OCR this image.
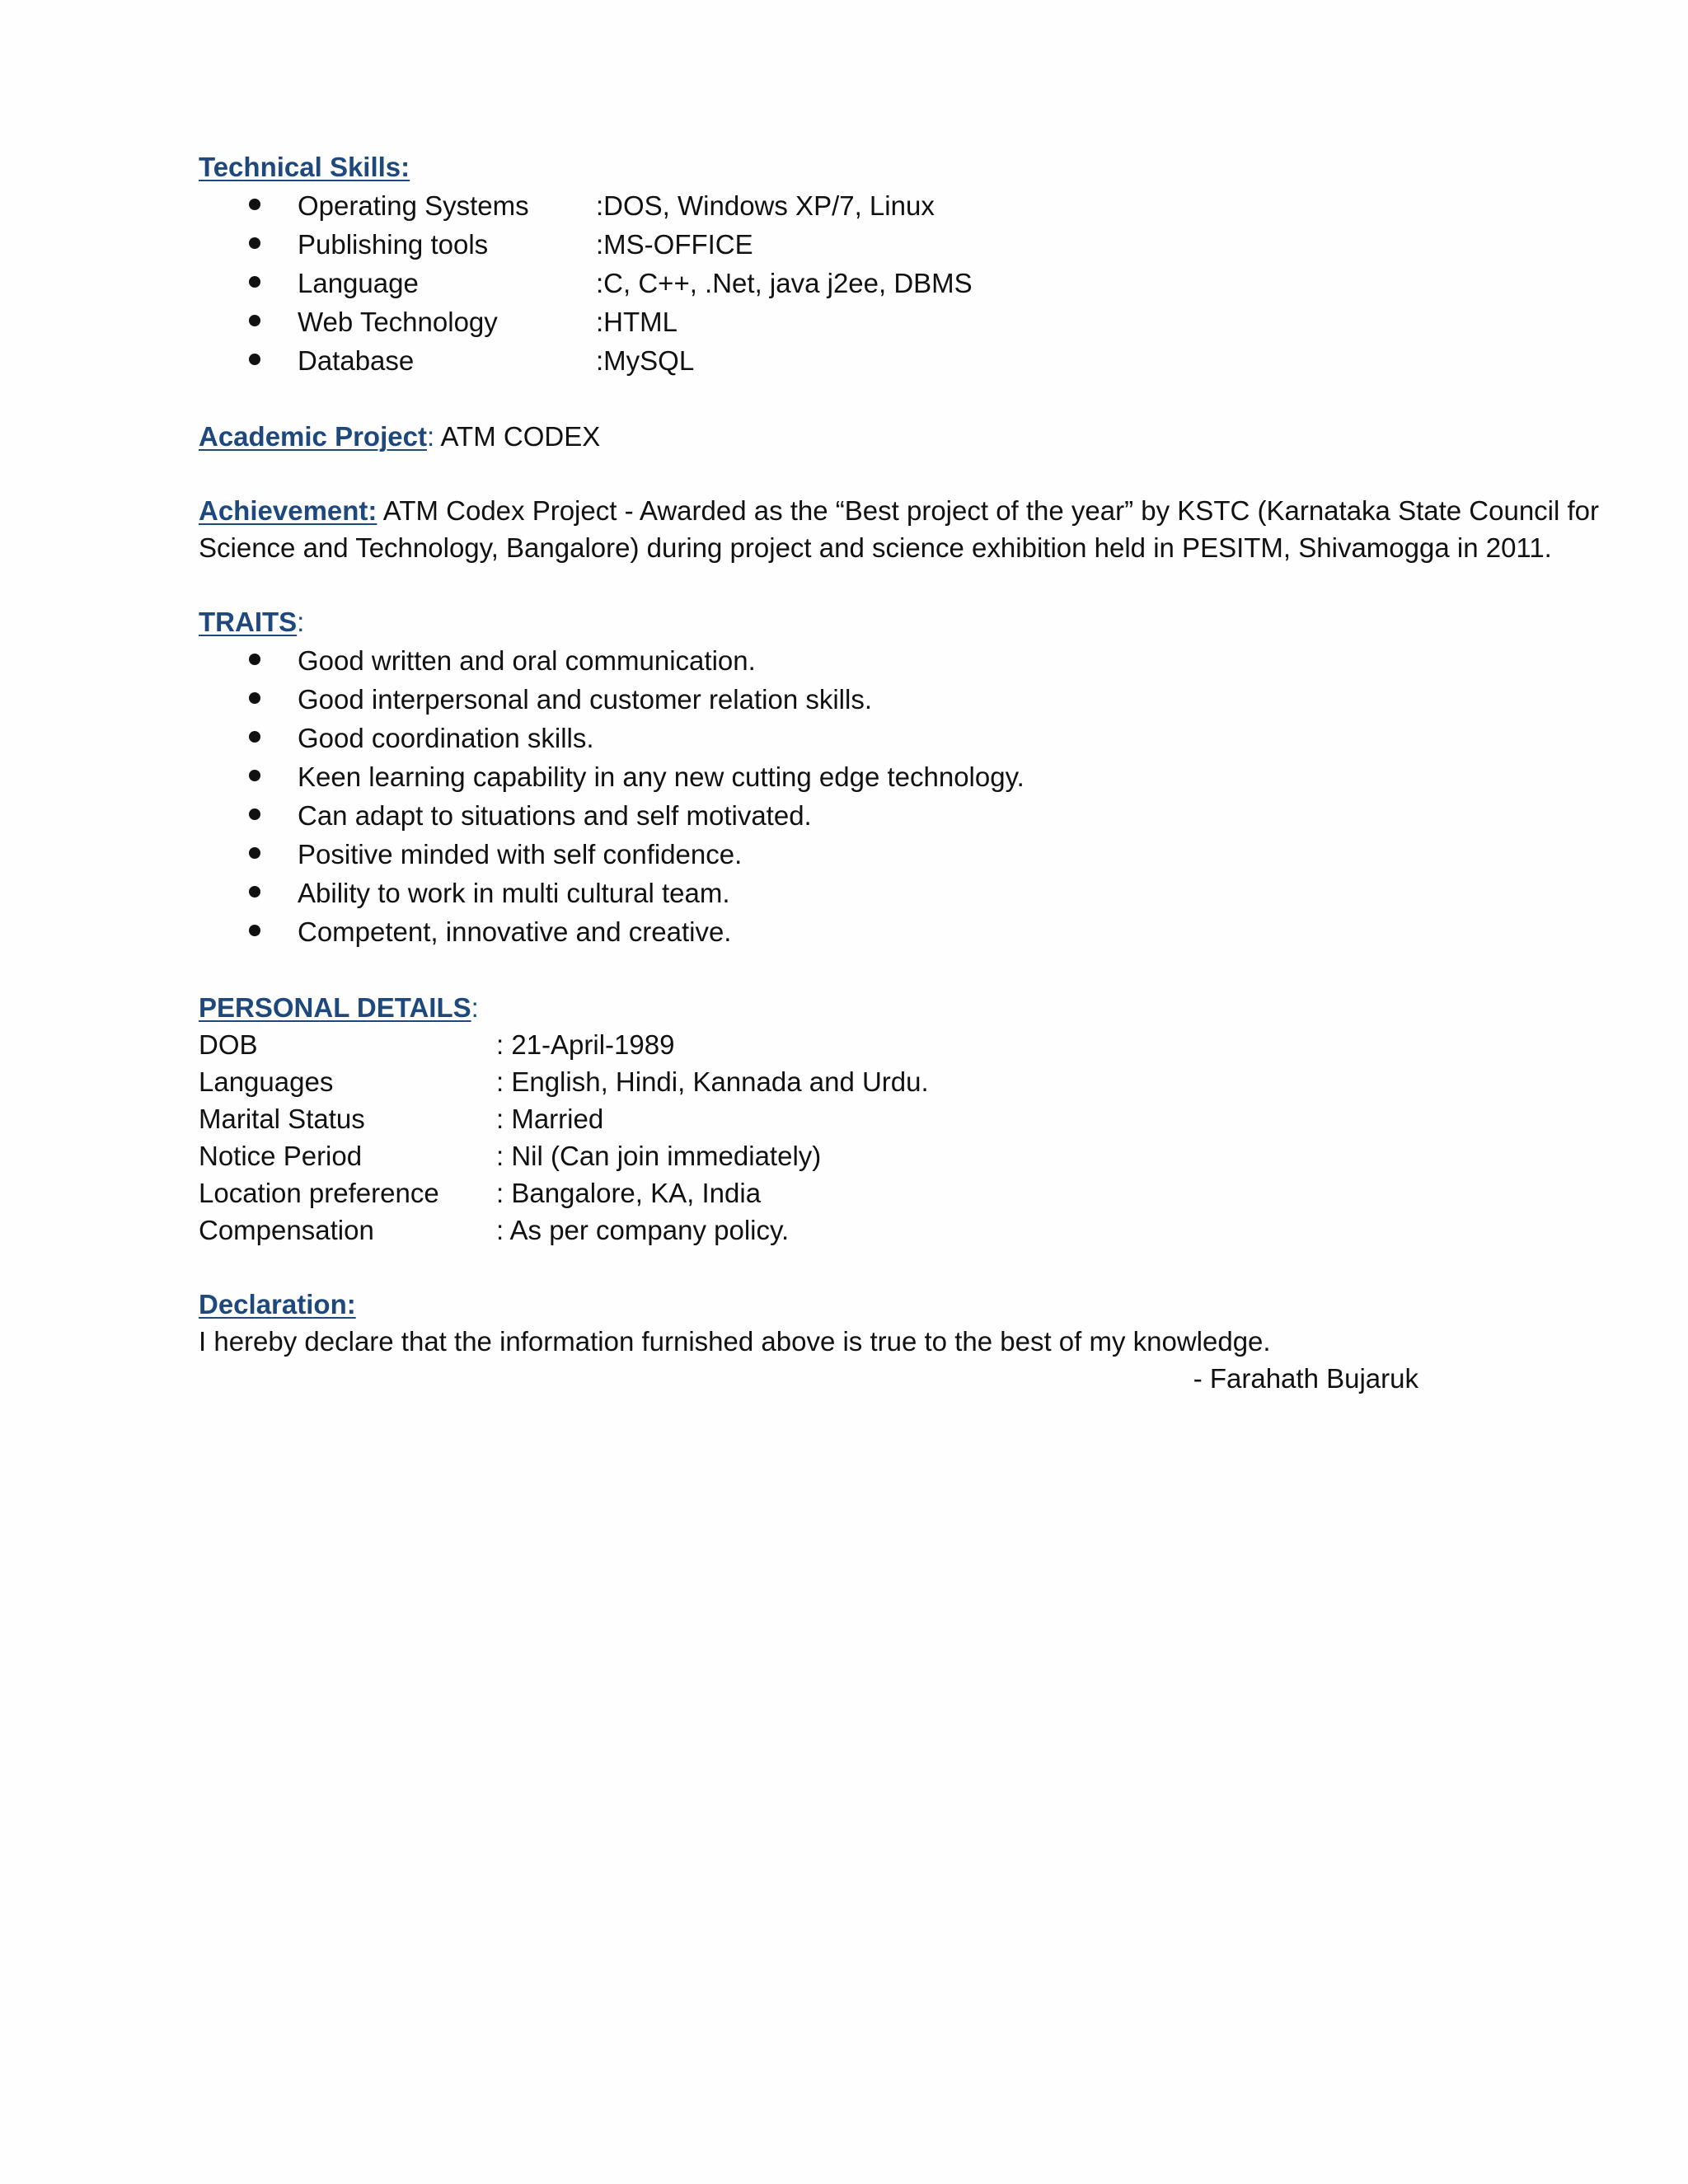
Technical Skills:
Operating Systems :DOS, Windows XP/7, Linux
Publishing tools	:MS-OFFICE
Language	:C, C++, .Net, java j2ee, DBMS
Web Technology	:HTML
Database	:MySQL
Academic Project: ATM CODEX
Achievement: ATM Codex Project - Awarded as the “Best project of the year” by KSTC (Karnataka State Council for
Science and Technology, Bangalore) during project and science exhibition held in PESITM, Shivamogga in 2011.
TRAITS:
Good written and oral communication.
Good interpersonal and customer relation skills.
Good coordination skills.
Keen learning capability in any new cutting edge technology.
Can adapt to situations and self motivated.
Positive minded with self confidence.
Ability to work in multi cultural team.
Competent, innovative and creative.
PERSONAL DETAILS:
DOB	: 21-April-1989
Languages	: English, Hindi, Kannada and Urdu.
Marital Status	: Married
Notice Period	: Nil (Can join immediately)
Location preference : Bangalore, KA, India
Compensation	: As per company policy.
Declaration:
I hereby declare that the information furnished above is true to the best of my knowledge.
- Farahath Bujaruk
